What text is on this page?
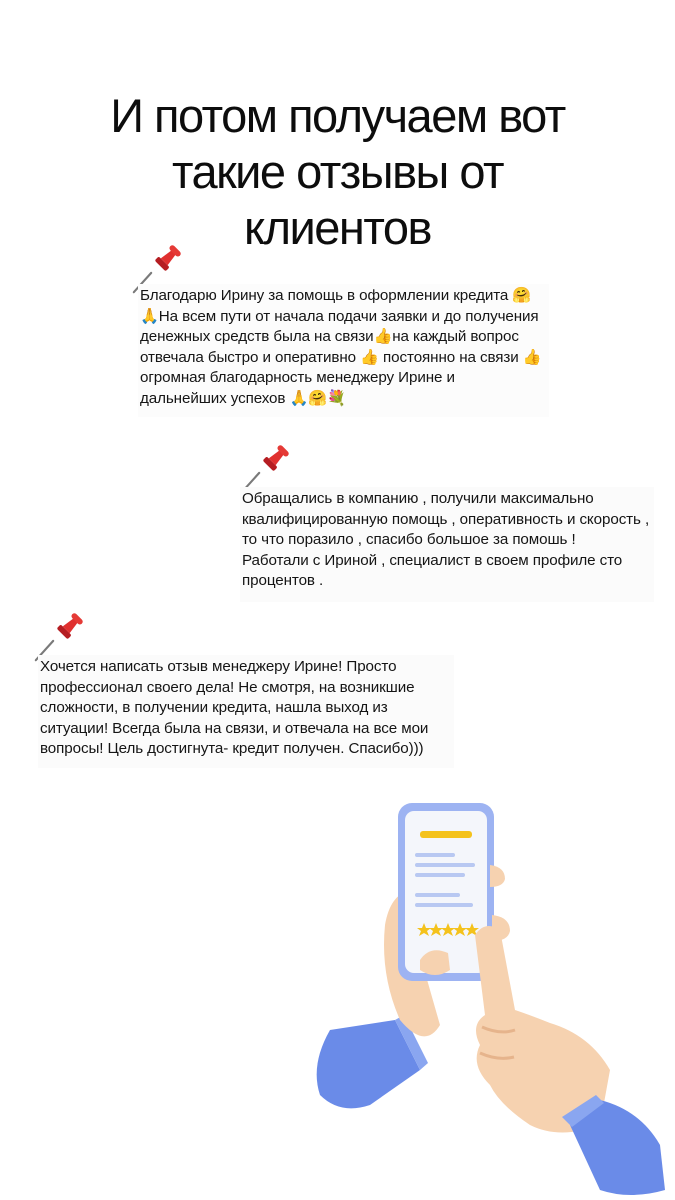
И потом получаем вот
такие отзывы от
клиентов

Благодарю Ирину за помощь в оформлении кредита 🤗🙏На всем пути от начала подачи заявки и до получения денежных средств была на связи👍на каждый вопрос отвечала быстро и оперативно 👍 постоянно на связи 👍огромная благодарность менеджеру Ирине и дальнейших успехов 🙏🤗💐

Обращались в компанию , получили максимально квалифицированную помощь , оперативность и скорость , то что поразило , спасибо большое за помошь !

Работали с Ириной , специалист в своем профиле сто процентов .

Хочется написать отзыв менеджеру Ирине! Просто профессионал своего дела! Не смотря, на возникшие сложности, в получении кредита, нашла выход из ситуации! Всегда была на связи, и отвечала на все мои вопросы! Цель достигнута- кредит получен. Спасибо)))
